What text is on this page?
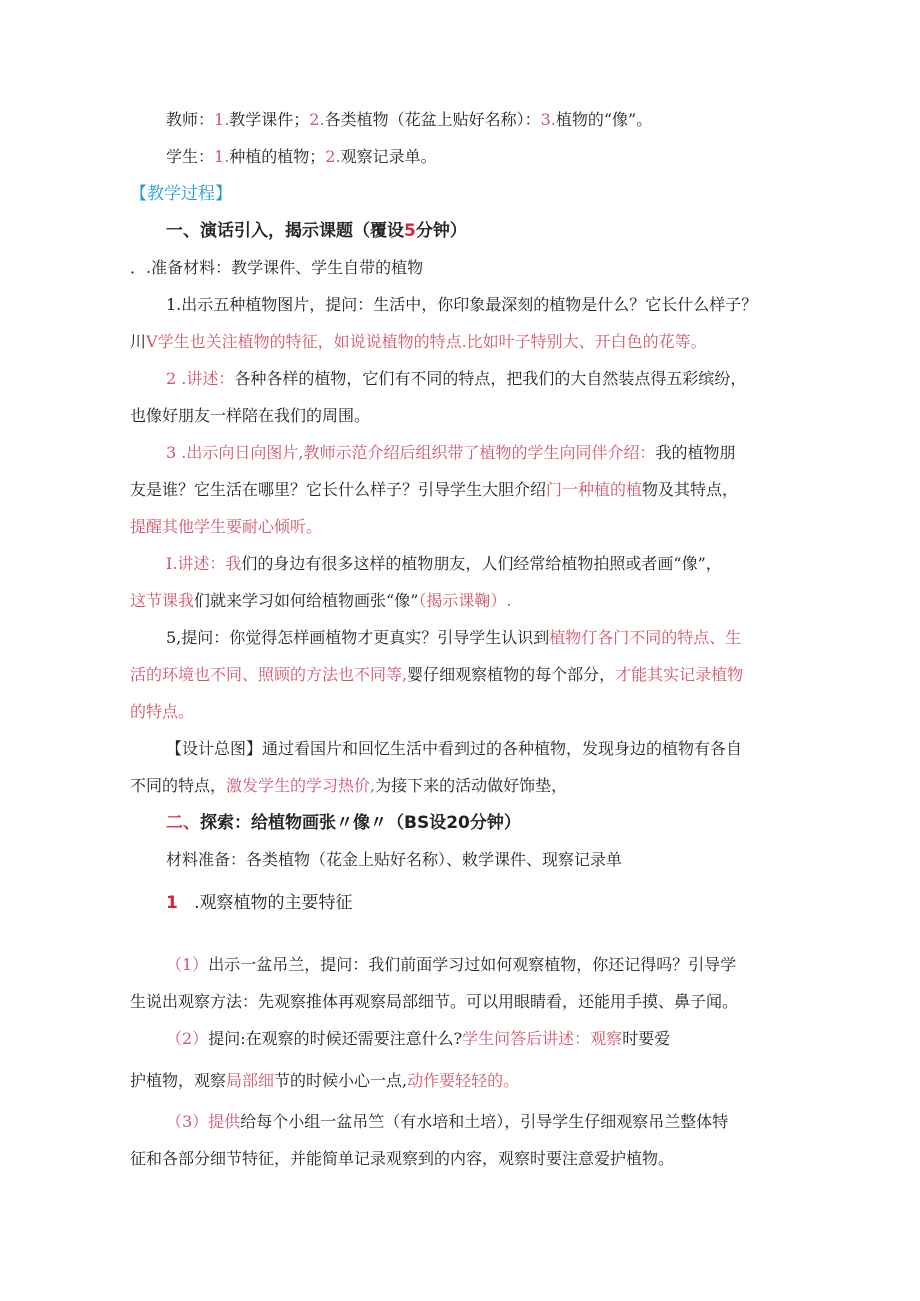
教师：1.教学课件；2.各类植物（花盆上贴好名称）：3.植物的“像”。
学生：1.种植的植物；2.观察记录单。
【教学过程】
一、演话引入，揭示课题（覆设5分钟）
．.准备材料：教学课件、学生自带的植物
1.出示五种植物图片，提问：生活中，你印象最深刻的植物是什么？它长什么样子？
川V学生也关注植物的特征，如说说植物的特点.比如叶子特别大、开白色的花等。
2 .讲述：各种各样的植物，它们有不同的特点，把我们的大自然装点得五彩缤纷，
也像好朋友一样陪在我们的周围。
3 .出示向日向图片,教师示范介绍后组织带了植物的学生向同伴介绍：我的植物朋
友是谁？它生活在哪里？它长什么样子？引导学生大胆介绍门一种植的植物及其特点，
提醒其他学生要耐心倾听。
I.讲述：我们的身边有很多这样的植物朋友，人们经常给植物拍照或者画“像”，
这节课我们就来学习如何给植物画张“像”（揭示课鞠）.
5,提问：你觉得怎样画植物才更真实？引导学生认识到植物仃各门不同的特点、生
活的环境也不同、照顾的方法也不同等,婴仔细观察植物的每个部分，才能其实记录植物
的特点。
【设计总图】通过看国片和回忆生活中看到过的各种植物，发现身边的植物有各自
不同的特点，激发学生的学习热价,为接下来的活动做好饰垫，
二、探索：给植物画张〃像〃（BS设20分钟）
材料准备：各类植物（花金上贴好名称）、敕学课件、现察记录单
1 .观察植物的主要特征
（1）出示一盆吊兰，提问：我们前面学习过如何观察植物，你还记得吗？引导学
生说出观察方法：先观察推体再观察局部细节。可以用眼睛看，还能用手摸、鼻子闻。
（2）提问:在观察的时候还需要注意什么?学生问答后讲述：观察时要爱
护植物，观察局部细节的时候小心一点,动作要轻轻的。
（3）提供给每个小组一盆吊竺（有水培和土培），引导学生仔细观察吊兰整体特
征和各部分细节特征，并能简单记录观察到的内容，观察时要注意爱护植物。
